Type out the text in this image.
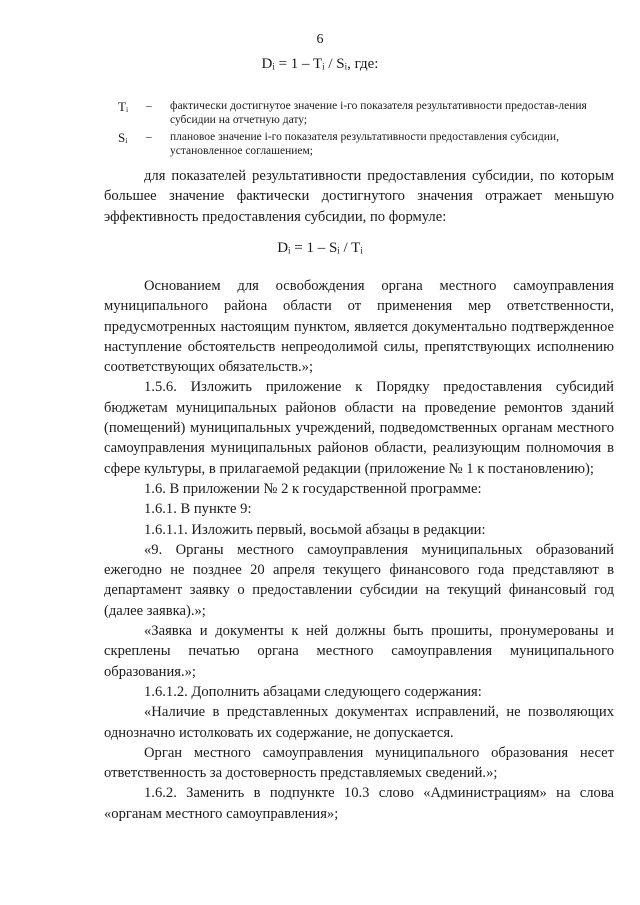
6
Dᵢ = 1 – Tᵢ / Sᵢ, где:
Tᵢ – фактически достигнутое значение i-го показателя результативности предостав-ления субсидии на отчетную дату;
Sᵢ – плановое значение i-го показателя результативности предоставления субсидии, установленное соглашением;

для показателей результативности предоставления субсидии, по которым большее значение фактически достигнутого значения отражает меньшую эффективность предоставления субсидии, по формуле:

Dᵢ = 1 – Sᵢ / Tᵢ

Основанием для освобождения органа местного самоуправления муниципального района области от применения мер ответственности, предусмотренных настоящим пунктом, является документально подтвержденное наступление обстоятельств непреодолимой силы, препятствующих исполнению соответствующих обязательств.»;

1.5.6. Изложить приложение к Порядку предоставления субсидий бюджетам муниципальных районов области на проведение ремонтов зданий (помещений) муниципальных учреждений, подведомственных органам местного самоуправления муниципальных районов области, реализующим полномочия в сфере культуры, в прилагаемой редакции (приложение № 1 к постановлению);

1.6. В приложении № 2 к государственной программе:

1.6.1. В пункте 9:

1.6.1.1. Изложить первый, восьмой абзацы в редакции:

«9. Органы местного самоуправления муниципальных образований ежегодно не позднее 20 апреля текущего финансового года представляют в департамент заявку о предоставлении субсидии на текущий финансовый год (далее заявка).»;

«Заявка и документы к ней должны быть прошиты, пронумерованы и скреплены печатью органа местного самоуправления муниципального образования.»;

1.6.1.2. Дополнить абзацами следующего содержания:

«Наличие в представленных документах исправлений, не позволяющих однозначно истолковать их содержание, не допускается.

Орган местного самоуправления муниципального образования несет ответственность за достоверность представляемых сведений.»;

1.6.2. Заменить в подпункте 10.3 слово «Администрациям» на слова «органам местного самоуправления»;
